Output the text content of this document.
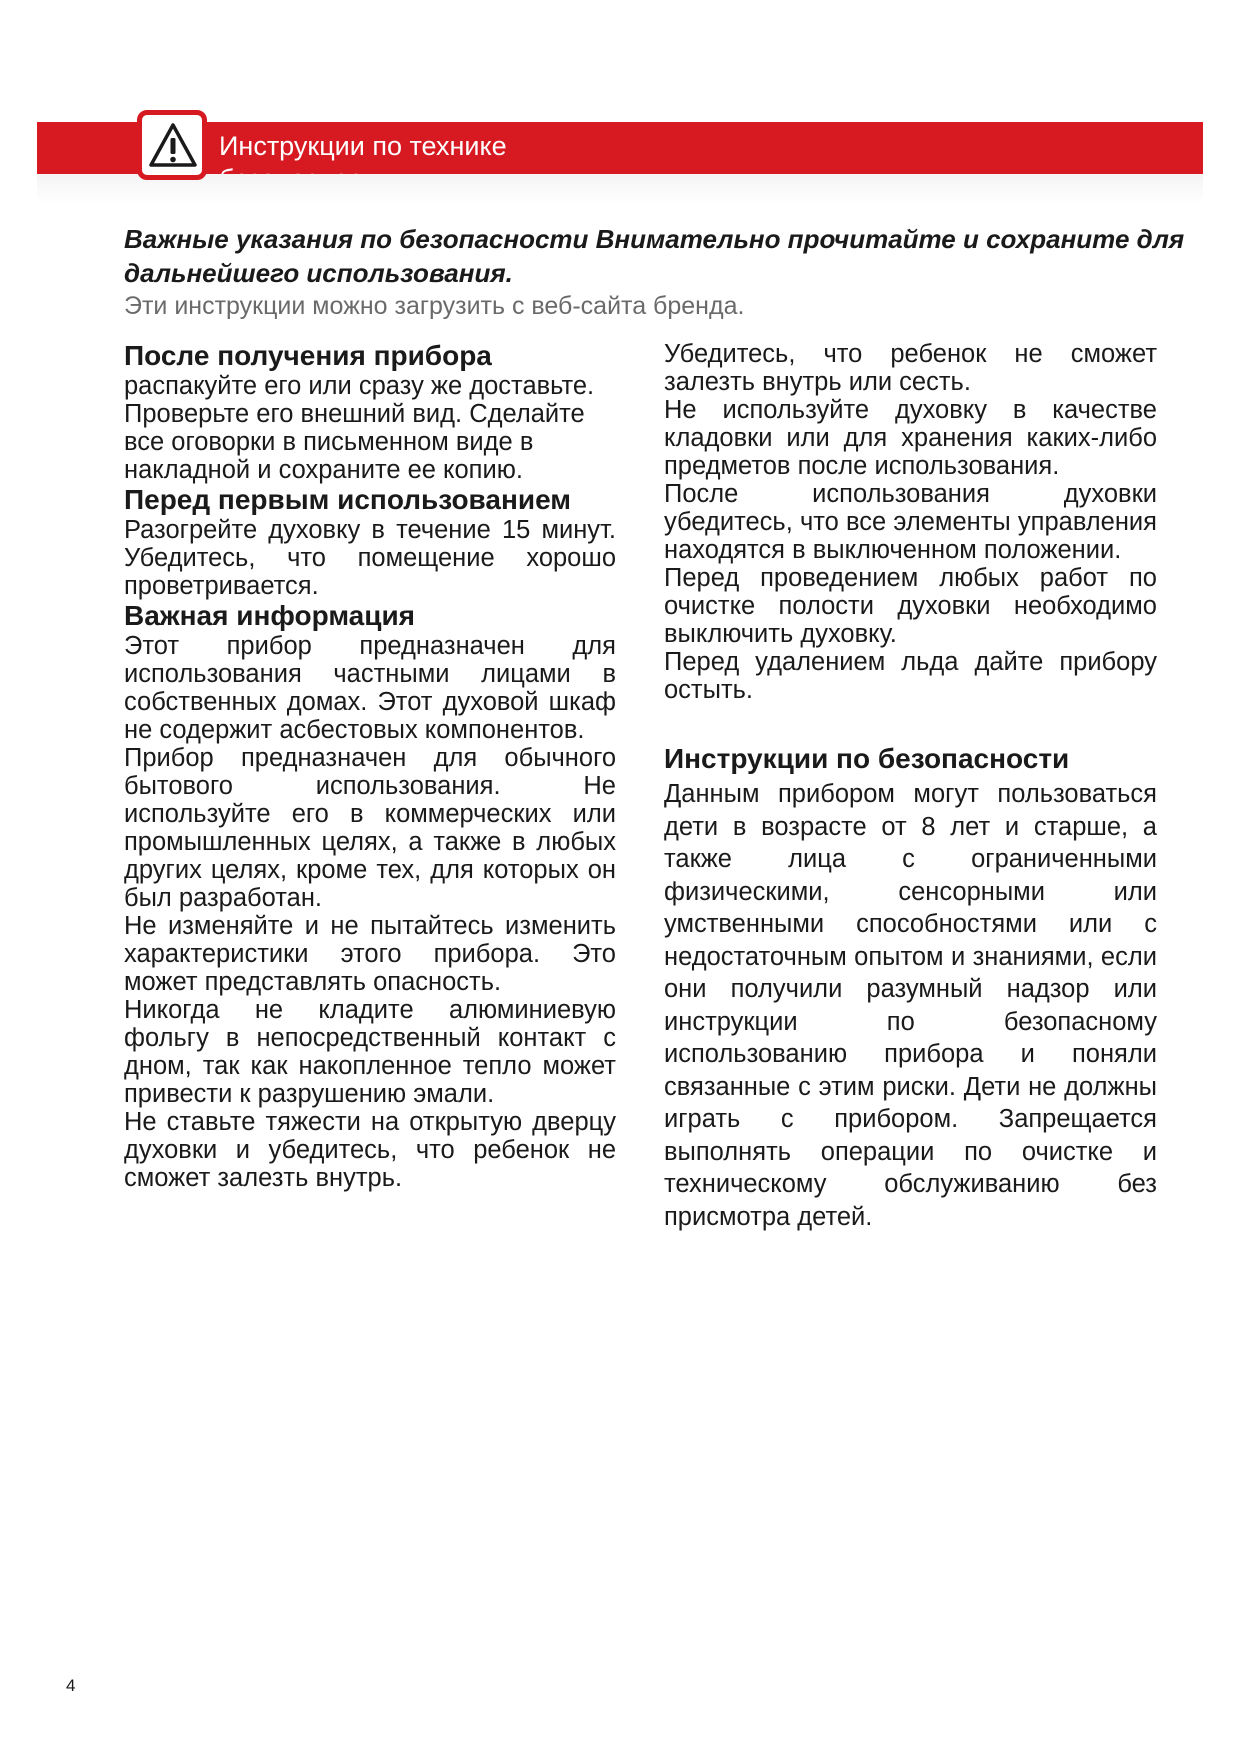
Инструкции по технике
Важные указания по безопасности Внимательно прочитайте и сохраните для дальнейшего использования.
Эти инструкции можно загрузить с веб-сайта бренда.
После получения прибора

распакуйте его или сразу же доставьте. Проверьте его внешний вид. Сделайте все оговорки в письменном виде в накладной и сохраните ее копию.

Перед первым использованием

Разогрейте духовку в течение 15 минут. Убедитесь, что помещение хорошо проветривается.

Важная информация

Этот прибор предназначен для использования частными лицами в собственных домах. Этот духовой шкаф не содержит асбестовых компонентов.

Прибор предназначен для обычного бытового использования. Не используйте его в коммерческих или промышленных целях, а также в любых других целях, кроме тех, для которых он был разработан.

Не изменяйте и не пытайтесь изменить характеристики этого прибора. Это может представлять опасность.

Никогда не кладите алюминиевую фольгу в непосредственный контакт с дном, так как накопленное тепло может привести к разрушению эмали.

Не ставьте тяжести на открытую дверцу духовки и убедитесь, что ребенок не сможет залезть внутрь.

Убедитесь, что ребенок не сможет залезть внутрь или сесть.

Не используйте духовку в качестве кладовки или для хранения каких-либо предметов после использования.

После использования духовки убедитесь, что все элементы управления находятся в выключенном положении.

Перед проведением любых работ по очистке полости духовки необходимо выключить духовку.

Перед удалением льда дайте прибору остыть.

Инструкции по безопасности

Данным прибором могут пользоваться дети в возрасте от 8 лет и старше, а также лица с ограниченными физическими, сенсорными или умственными способностями или с недостаточным опытом и знаниями, если они получили разумный надзор или инструкции по безопасному использованию прибора и поняли связанные с этим риски. Дети не должны играть с прибором. Запрещается выполнять операции по очистке и техническому обслуживанию без присмотра детей.

4
